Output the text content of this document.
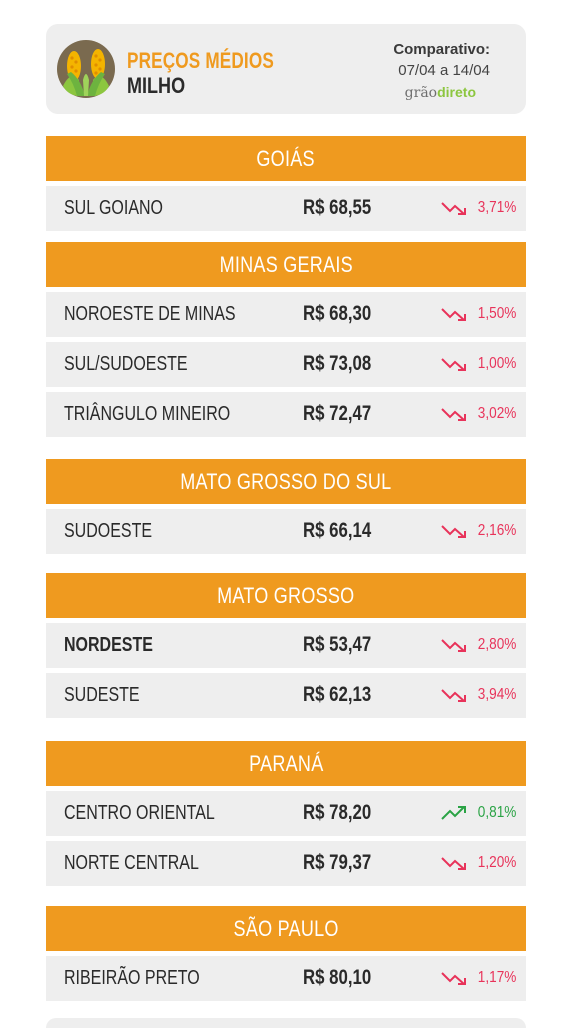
PREÇOS MÉDIOS
MILHO
Comparativo:
07/04 a 14/04
grãodireto
GOIÁS
SUL GOIANO	R$ 68,55	3,71%
MINAS GERAIS
NOROESTE DE MINAS	R$ 68,30	1,50%
SUL/SUDOESTE	R$ 73,08	1,00%
TRIÂNGULO MINEIRO	R$ 72,47	3,02%
MATO GROSSO DO SUL
SUDOESTE	R$ 66,14	2,16%
MATO GROSSO
NORDESTE	R$ 53,47	2,80%
SUDESTE	R$ 62,13	3,94%
PARANÁ
CENTRO ORIENTAL	R$ 78,20	0,81%
NORTE CENTRAL	R$ 79,37	1,20%
SÃO PAULO
RIBEIRÃO PRETO	R$ 80,10	1,17%
